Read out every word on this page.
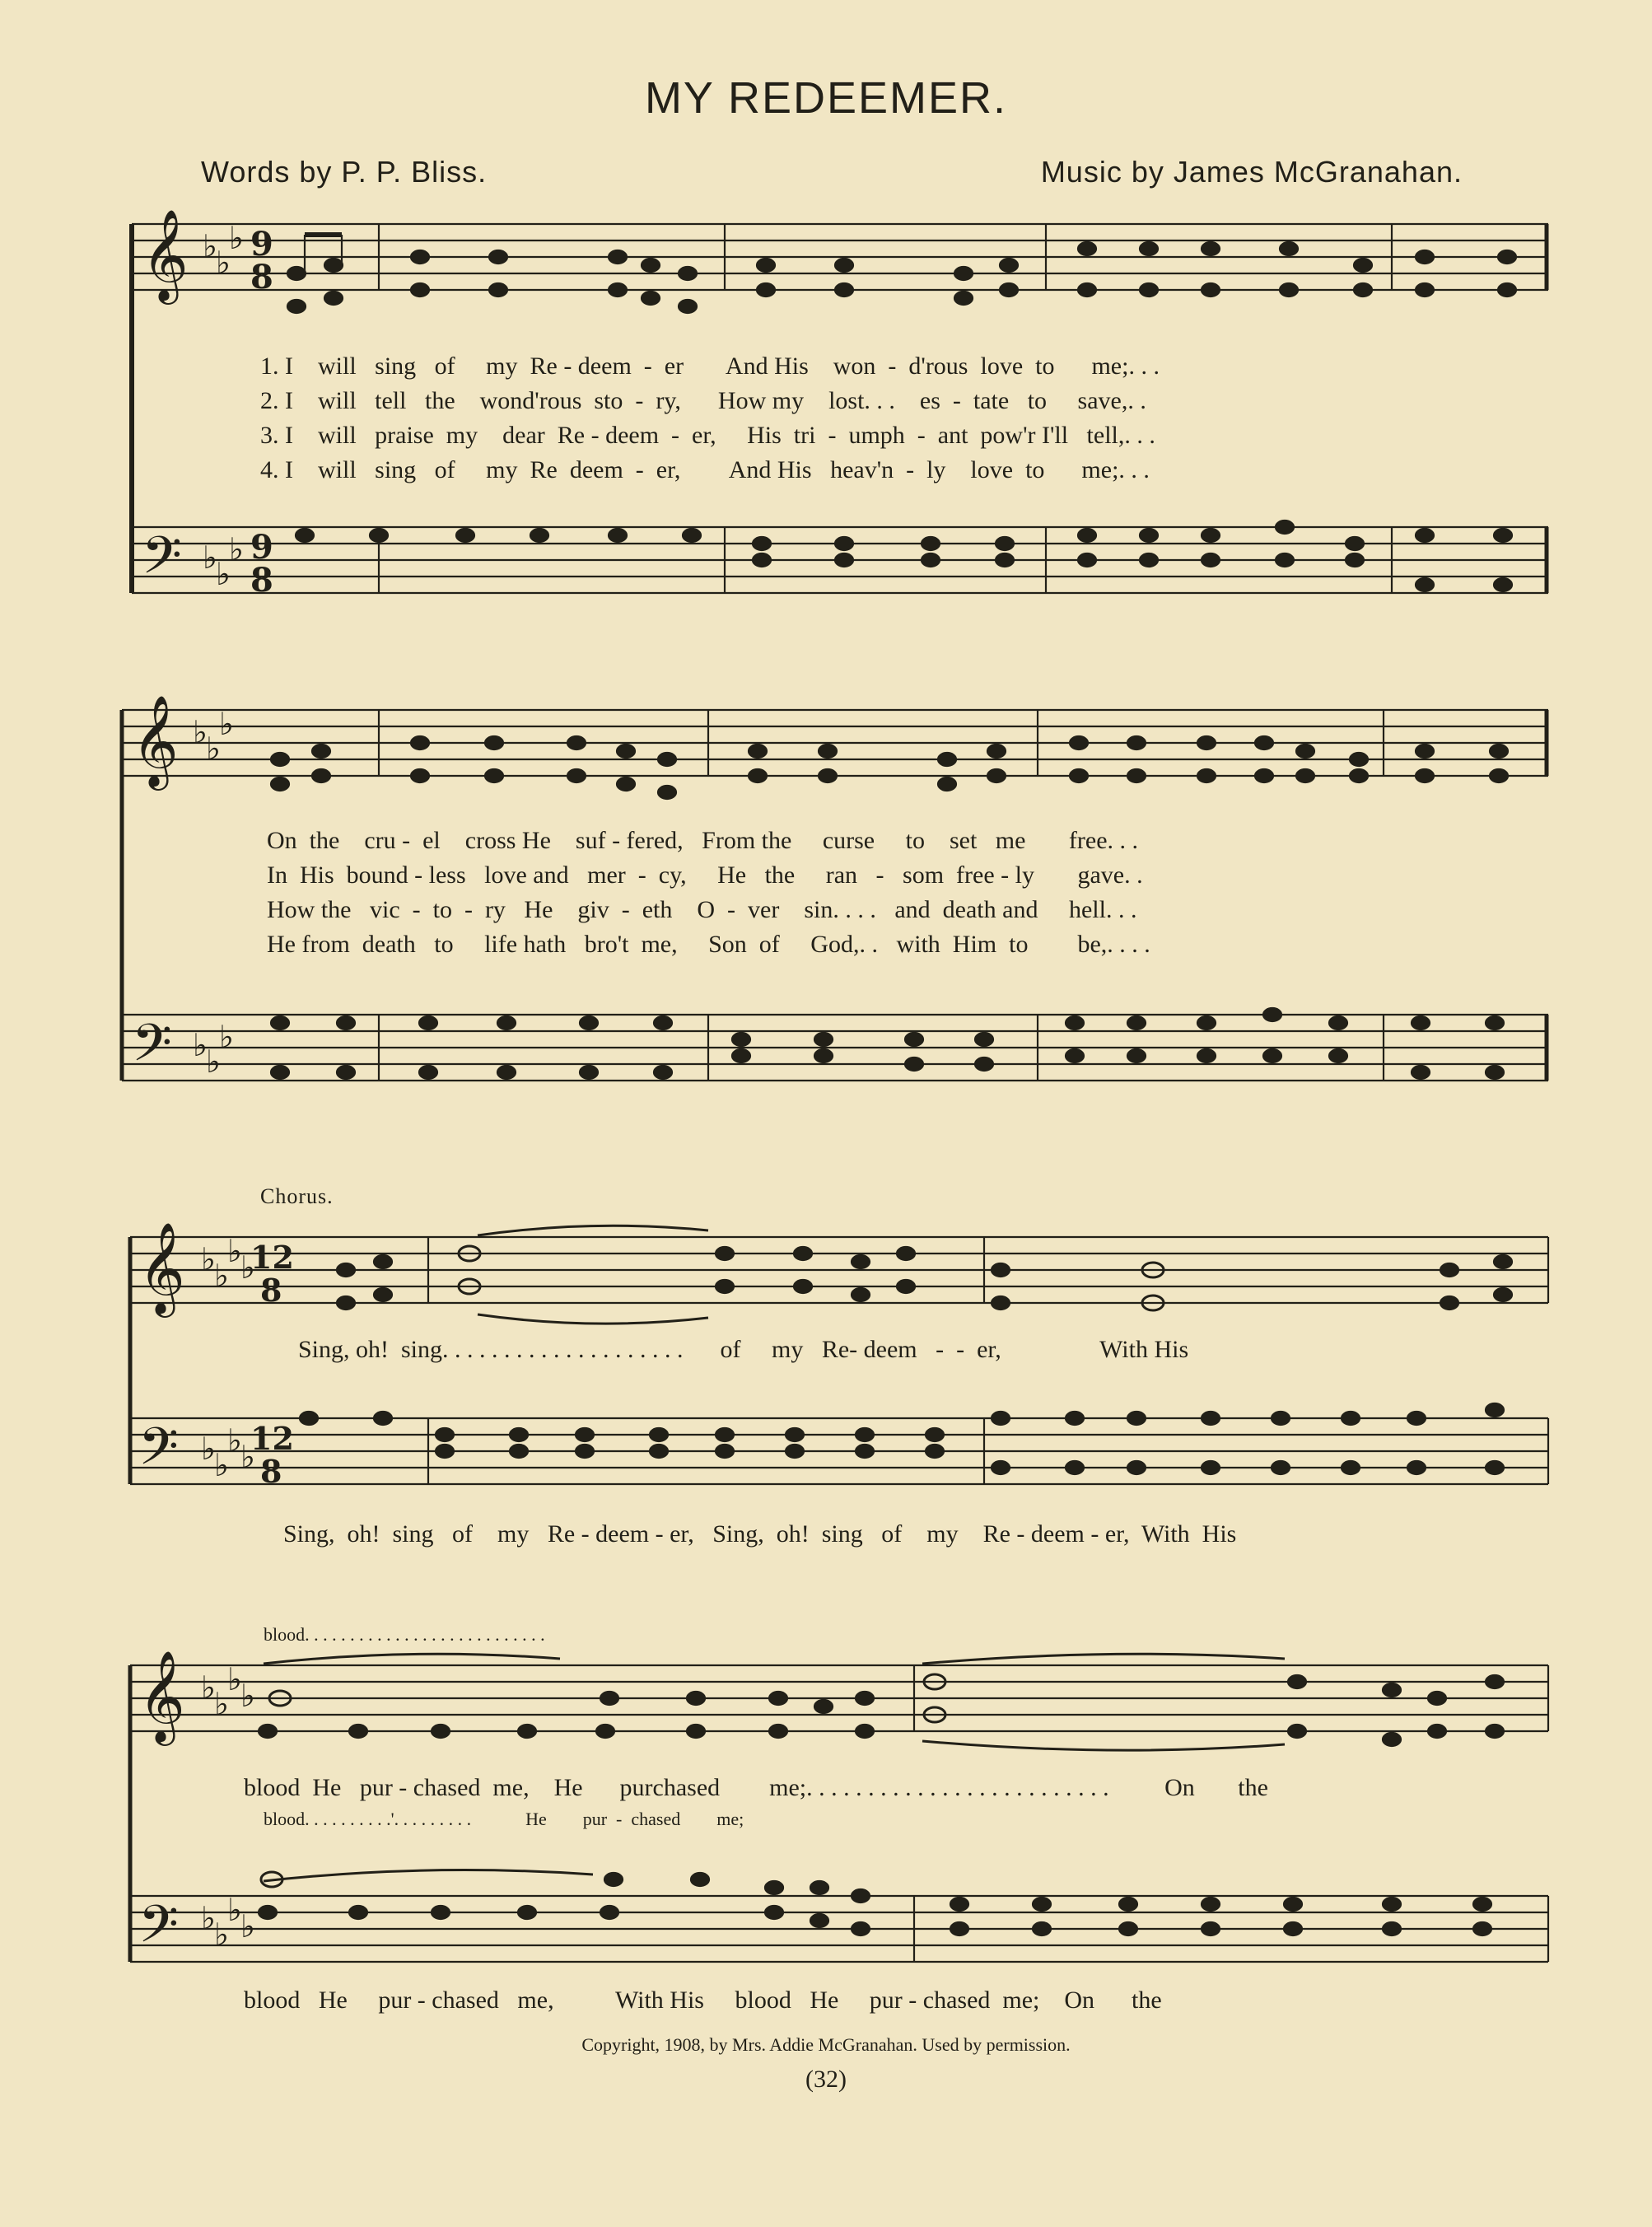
MY REDEEMER.
Words by P. P. Bliss.	Music by James McGranahan.
𝄞
𝄢
♭
♭
♭
♭
♭
♭
9
8
9
8
1. I    will   sing   of     my  Re - deem  -  er       And His    won  -  d'rous  love  to      me;. . .
2. I    will   tell   the    wond'rous  sto  -  ry,      How my    lost. . .    es  -  tate   to     save,. .
3. I    will   praise  my    dear  Re - deem  -  er,     His  tri  -  umph  -  ant  pow'r I'll   tell,. . .
4. I    will   sing   of     my  Re  deem  -  er,        And His   heav'n  -  ly    love  to      me;. . .
𝄞
𝄢
♭
♭
♭
♭
♭
♭
On  the    cru -  el    cross He    suf - fered,   From the     curse     to    set   me       free. . .
In  His  bound - less   love and   mer  -  cy,     He   the     ran   -   som  free - ly       gave. .
How the   vic  -  to  -  ry   He    giv  -  eth    O  -  ver    sin. . . .   and  death and     hell. . .
He from  death   to     life hath   bro't  me,     Son  of     God,. .   with  Him  to        be,. . . .
Chorus.
𝄞
𝄢
♭
♭
♭
♭
♭
♭
♭
♭
12
8
12
8
Sing, oh!  sing. . . . . . . . . . . . . . . . . . . .      of     my   Re- deem   -  -  er,                With His
Sing,  oh!  sing   of    my   Re - deem - er,   Sing,  oh!  sing   of    my    Re - deem - er,  With  His
blood. . . . . . . . . . . . . . . . . . . . . . . . . . .
𝄞
𝄢
♭
♭
♭
♭
♭
♭
♭
♭
blood  He   pur - chased  me,    He      purchased        me;. . . . . . . . . . . . . . . . . . . . . . . . .         On       the
blood. . . . . . . . . .'. . . . . . . . .            He        pur  -  chased        me;
blood   He     pur - chased   me,          With His     blood   He     pur - chased  me;    On      the
Copyright, 1908, by Mrs. Addie McGranahan. Used by permission.
(32)
